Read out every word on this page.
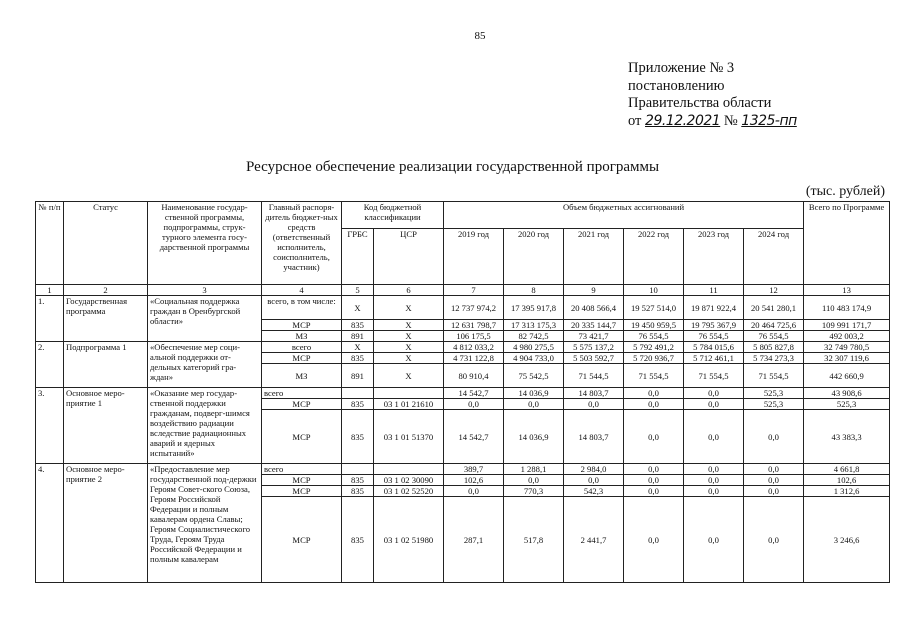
85
Приложение № 3
постановлению
Правительства области
от 29.12.2021 № 1325-пп
Ресурсное обеспечение реализации государственной программы
(тыс. рублей)
№ п/п	Статус	Наименование государ-ственной программы, подпрограммы, струк-турного элемента госу-дарственной программы	Главный распоря-дитель бюджет-ных средств (ответственный исполнитель, соисполнитель, участник)	Код бюджетной классификации		Объем бюджетных ассигнований						Всего по Программе
				ГРБС	ЦСР	2019 год	2020 год	2021 год	2022 год	2023 год	2024 год	
1	2	3	4	5	6	7	8	9	10	11	12	13
1.	Государственная программа	«Социальная поддержка граждан в Оренбургской области»	всего, в том числе:	X	X	12 737 974,2	17 395 917,8	20 408 566,4	19 527 514,0	19 871 922,4	20 541 280,1	110 483 174,9
			МСР	835	X	12 631 798,7	17 313 175,3	20 335 144,7	19 450 959,5	19 795 367,9	20 464 725,6	109 991 171,7
			МЗ	891	X	106 175,5	82 742,5	73 421,7	76 554,5	76 554,5	76 554,5	492 003,2
2.	Подпрограмма 1	«Обеспечение мер соци-альной поддержки от-дельных категорий гра-ждан»	всего	X	X	4 812 033,2	4 980 275,5	5 575 137,2	5 792 491,2	5 784 015,6	5 805 827,8	32 749 780,5
			МСР	835	X	4 731 122,8	4 904 733,0	5 503 592,7	5 720 936,7	5 712 461,1	5 734 273,3	32 307 119,6
			МЗ	891	X	80 910,4	75 542,5	71 544,5	71 554,5	71 554,5	71 554,5	442 660,9
3.	Основное меро-приятие 1	«Оказание мер государ-ственной поддержки гражданам, подверг-шимся воздействию радиации вследствие радиационных аварий и ядерных испытаний»	всего			14 542,7	14 036,9	14 803,7	0,0	0,0	525,3	43 908,6
			МСР	835	03 1 01 21610	0,0	0,0	0,0	0,0	0,0	525,3	525,3
			МСР	835	03 1 01 51370	14 542,7	14 036,9	14 803,7	0,0	0,0	0,0	43 383,3
4.	Основное меро-приятие 2	«Предоставление мер государственной под-держки Героям Совет-ского Союза, Героям Российской Федерации и полным кавалерам ордена Славы; Героям Социалистического Труда, Героям Труда Российской Федерации и полным кавалерам	всего			389,7	1 288,1	2 984,0	0,0	0,0	0,0	4 661,8
			МСР	835	03 1 02 30090	102,6	0,0	0,0	0,0	0,0	0,0	102,6
			МСР	835	03 1 02 52520	0,0	770,3	542,3	0,0	0,0	0,0	1 312,6
			МСР	835	03 1 02 51980	287,1	517,8	2 441,7	0,0	0,0	0,0	3 246,6
